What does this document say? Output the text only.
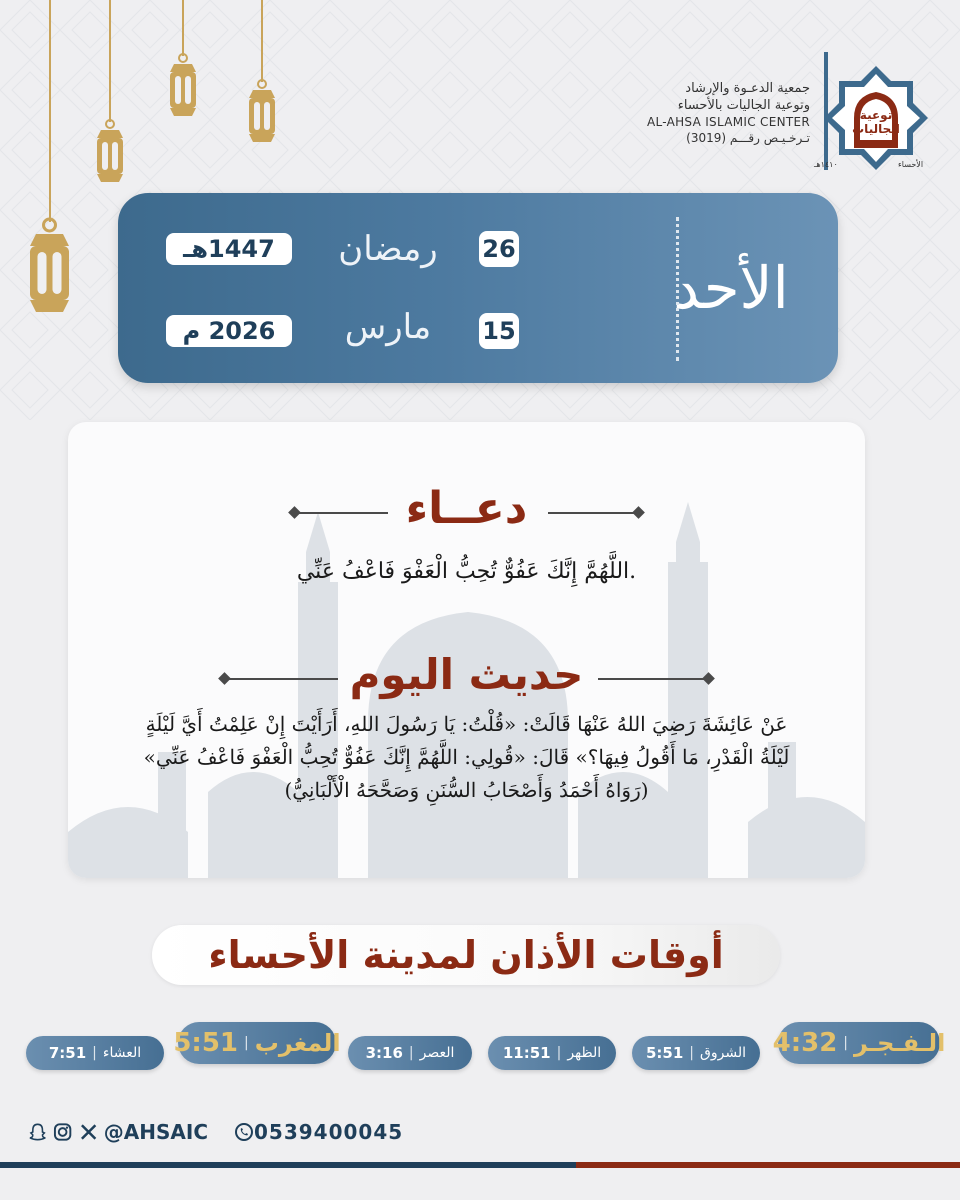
جمعية الدعـوة والإرشاد
وتوعية الجاليات بالأحساء
AL-AHSA ISLAMIC CENTER
تـرخـيـص رقـــم (3019)
توعية الجاليات
الأحساء
١٤١٠هـ
الأحد
26
رمضان
1447هـ
15
مارس
2026 م
دعــاء
.اللَّهُمَّ إِنَّكَ عَفُوٌّ تُحِبُّ الْعَفْوَ فَاعْفُ عَنِّي
حديث اليوم
عَنْ عَائِشَةَ رَضِيَ اللهُ عَنْهَا قَالَتْ: «قُلْتُ: يَا رَسُولَ اللهِ، أَرَأَيْتَ إِنْ عَلِمْتُ أَيَّ لَيْلَةٍ
لَيْلَةُ الْقَدْرِ، مَا أَقُولُ فِيهَا؟» قَالَ: «قُولِي: اللَّهُمَّ إِنَّكَ عَفُوٌّ تُحِبُّ الْعَفْوَ فَاعْفُ عَنِّي»
(رَوَاهُ أَحْمَدُ وَأَصْحَابُ السُّنَنِ وَصَحَّحَهُ الْأَلْبَانِيُّ)
أوقات الأذان لمدينة الأحساء
الـفـجـر
|
4:32
الشروق
|
5:51
الظهر
|
11:51
العصر
|
3:16
المغرب
|
5:51
العشاء
|
7:51
0539400045
@AHSAIC
